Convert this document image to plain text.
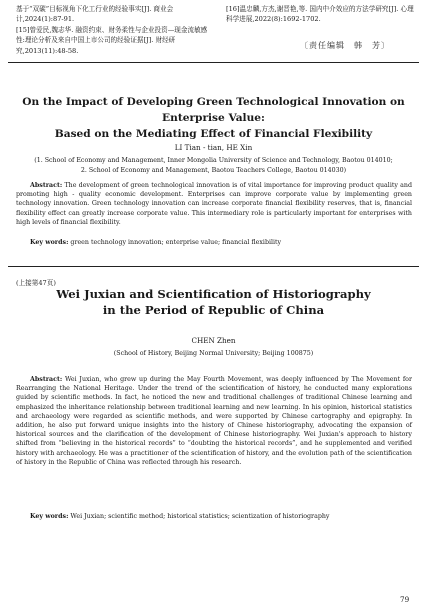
基于“双碳”目标视角下化工行业的经验事实[J]. 商业会计,2024(1):87-91.

[15]曾爱民,魏志华. 融资约束、财务柔性与企业投资—现金流敏感性:理论分析及来自中国上市公司的经验证据[J]. 财经研究,2013(11):48-58.

[16]温忠麟,方杰,谢晋艳,等. 国内中介效应的方法学研究[J]. 心理科学进展,2022(8):1692-1702.

〔责任编辑　韩　芳〕
On the Impact of Developing Green Technological Innovation on Enterprise Value:
Based on the Mediating Effect of Financial Flexibility
LI Tian - tian, HE Xin
(1. School of Economy and Management, Inner Mongolia University of Science and Technology, Baotou 014010;
2. School of Economy and Management, Baotou Teachers College, Baotou 014030)

Abstract: The development of green technological innovation is of vital importance for improving product quality and promoting high - quality economic development. Enterprises can improve corporate value by implementing green technology innovation. Green technology innovation can increase corporate financial flexibility reserves, that is, financial flexibility effect can greatly increase corporate value. This intermediary role is particularly important for enterprises with high levels of financial flexibility.

Key words: green technology innovation; enterprise value; financial flexibility

(上接第47页)
Wei Juxian and Scientification of Historiography
in the Period of Republic of China
CHEN Zhen
(School of History, Beijing Normal University; Beijing 100875)

Abstract: Wei Juxian, who grew up during the May Fourth Movement, was deeply influenced by The Movement for Rearranging the National Heritage. Under the trend of the scientification of history, he conducted many explorations guided by scientific methods. In fact, he noticed the new and traditional challenges of traditional Chinese learning and emphasized the inheritance relationship between traditional learning and new learning. In his opinion, historical statistics and archaeology were regarded as scientific methods, and were supported by Chinese cartography and epigraphy. In addition, he also put forward unique insights into the history of Chinese historiography, advocating the expansion of historical sources and the clarification of the development of Chinese historiography. Wei Juxian's approach to history shifted from “believing in the historical records” to “doubting the historical records”, and he supplemented and verified history with archaeology. He was a practitioner of the scientification of history, and the evolution path of the scientification of history in the Republic of China was reflected through his research.

Key words: Wei Juxian; scientific method; historical statistics; scientization of historiography

79
